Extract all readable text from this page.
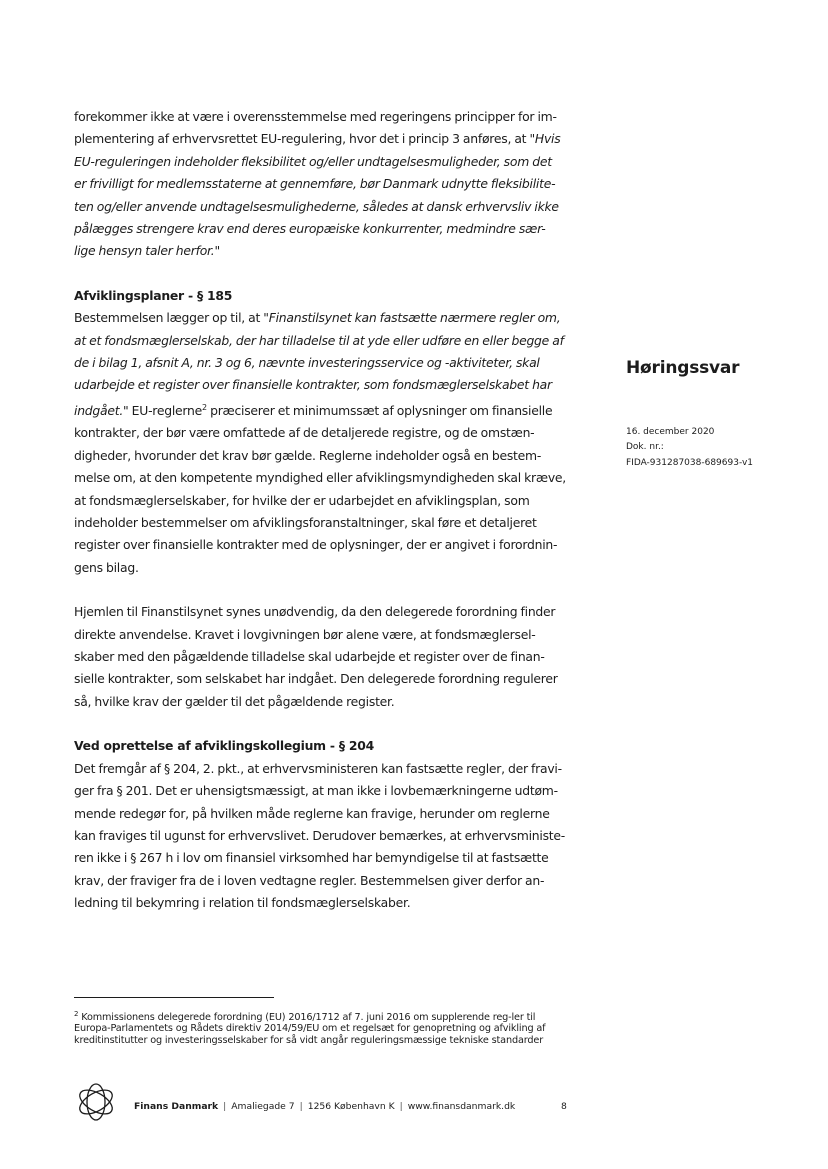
forekommer ikke at være i overensstemmelse med regeringens principper for im-plementering af erhvervsrettet EU-regulering, hvor det i princip 3 anføres, at "Hvis EU-reguleringen indeholder fleksibilitet og/eller undtagelsesmuligheder, som det er frivilligt for medlemsstaterne at gennemføre, bør Danmark udnytte fleksibilite-ten og/eller anvende undtagelsesmulighederne, således at dansk erhvervsliv ikke pålægges strengere krav end deres europæiske konkurrenter, medmindre sær-lige hensyn taler herfor."

Afviklingsplaner - § 185

Bestemmelsen lægger op til, at "Finanstilsynet kan fastsætte nærmere regler om, at et fondsmæglerselskab, der har tilladelse til at yde eller udføre en eller begge af de i bilag 1, afsnit A, nr. 3 og 6, nævnte investeringsservice og -aktiviteter, skal udarbejde et register over finansielle kontrakter, som fondsmæglerselskabet har indgået." EU-reglerne$^2$ præciserer et minimumssæt af oplysninger om finansielle kontrakter, der bør være omfattede af de detaljerede registre, og de omstæn-digheder, hvorunder det krav bør gælde. Reglerne indeholder også en bestem-melse om, at den kompetente myndighed eller afviklingsmyndigheden skal kræve, at fondsmæglerselskaber, for hvilke der er udarbejdet en afviklingsplan, som indeholder bestemmelser om afviklingsforanstaltninger, skal føre et detaljeret register over finansielle kontrakter med de oplysninger, der er angivet i forordnin-gens bilag.

Hjemlen til Finanstilsynet synes unødvendig, da den delegerede forordning finder direkte anvendelse. Kravet i lovgivningen bør alene være, at fondsmæglersel-skaber med den pågældende tilladelse skal udarbejde et register over de finan-sielle kontrakter, som selskabet har indgået. Den delegerede forordning regulerer så, hvilke krav der gælder til det pågældende register.

Ved oprettelse af afviklingskollegium - § 204

Det fremgår af § 204, 2. pkt., at erhvervsministeren kan fastsætte regler, der fravi-ger fra § 201. Det er uhensigtsmæssigt, at man ikke i lovbemærkningerne udtøm-mende redegør for, på hvilken måde reglerne kan fravige, herunder om reglerne kan fraviges til ugunst for erhvervslivet. Derudover bemærkes, at erhvervsministe-ren ikke i § 267 h i lov om finansiel virksomhed har bemyndigelse til at fastsætte krav, der fraviger fra de i loven vedtagne regler. Bestemmelsen giver derfor an-ledning til bekymring i relation til fondsmæglerselskaber.

Høringssvar

16. december 2020
Dok. nr.:
FIDA-931287038-689693-v1
$^2$ Kommissionens delegerede forordning (EU) 2016/1712 af 7. juni 2016 om supplerende reg-ler til Europa-Parlamentets og Rådets direktiv 2014/59/EU om et regelsæt for genopretning og afvikling af kreditinstitutter og investeringsselskaber for så vidt angår reguleringsmæssige tekniske standarder
Finans Danmark | Amaliegade 7 | 1256 København K | www.finansdanmark.dk	8
